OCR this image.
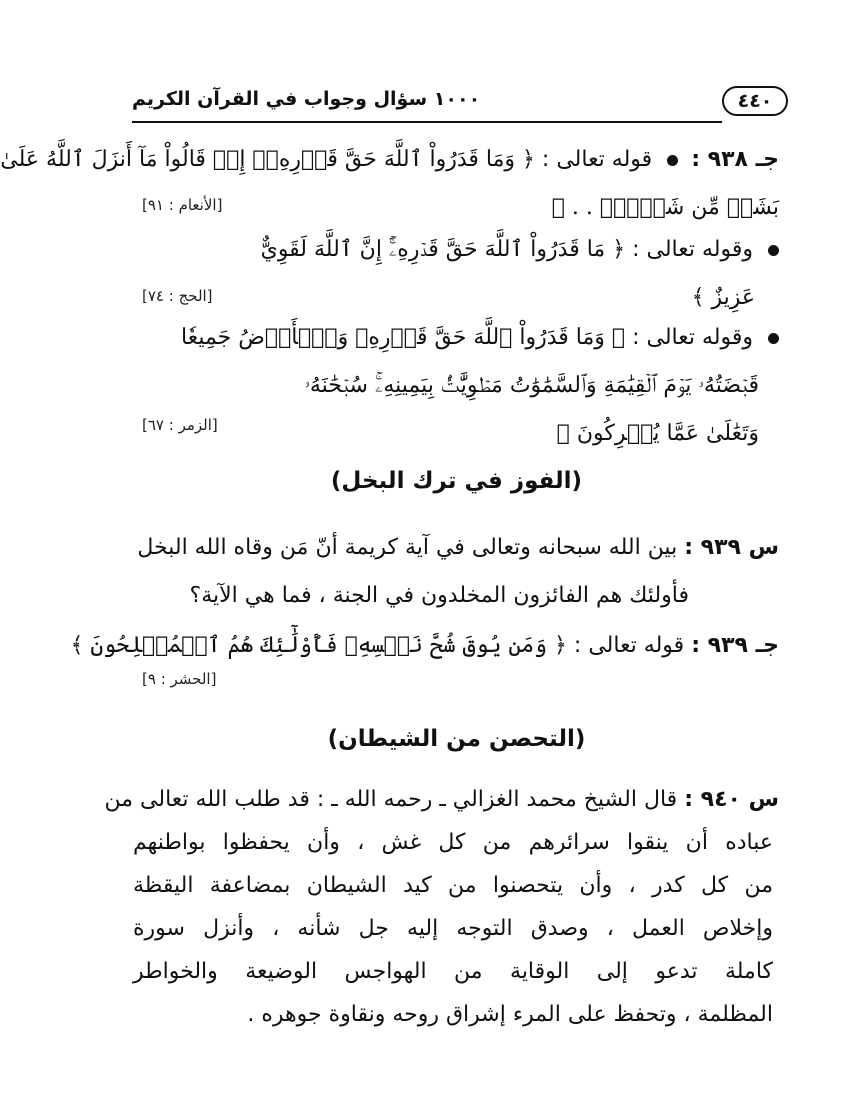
١٠٠٠ سؤال وجواب في القرآن الكريم	٤٤٠
جـ ٩٣٨ :  قوله تعالى : ﴿ وَمَا قَدَرُواْ ٱللَّهَ حَقَّ قَدۡرِهِۦٓ إِذۡ قَالُواْ مَآ أَنزَلَ ٱللَّهُ عَلَىٰ
بَشَرٖ مِّن شَيۡءٖۗ . . ﴾
[الأنعام : ٩١]
وقوله تعالى : ﴿ مَا قَدَرُواْ ٱللَّهَ حَقَّ قَدۡرِهِۦٓۚ إِنَّ ٱللَّهَ لَقَوِيٌّ
عَزِيزٌ ﴾
[الحج : ٧٤]
وقوله تعالى : ﴿ وَمَا قَدَرُواْ ٱللَّهَ حَقَّ قَدۡرِهِۦ وَٱلۡأَرۡضُ جَمِيعٗا
قَبۡضَتُهُۥ يَوۡمَ ٱلۡقِيَٰمَةِ وَٱلسَّمَٰوَٰتُ مَطۡوِيَّٰتُۢ بِيَمِينِهِۦۚ سُبۡحَٰنَهُۥ
وَتَعَٰلَىٰ عَمَّا يُشۡرِكُونَ ﴾
[الزمر : ٦٧]
(الفوز في ترك البخل)
س ٩٣٩ : بين الله سبحانه وتعالى في آية كريمة أنّ مَن وقاه الله البخل
فأولئك هم الفائزون المخلدون في الجنة ، فما هي الآية؟
جـ ٩٣٩ : قوله تعالى : ﴿ وَمَن يُوقَ شُحَّ نَفۡسِهِۦ فَأُوْلَٰٓئِكَ هُمُ ٱلۡمُفۡلِحُونَ ﴾
[الحشر : ٩]
(التحصن من الشيطان)
س ٩٤٠ : قال الشيخ محمد الغزالي ـ رحمه الله ـ : قد طلب الله تعالى من
عباده أن ينقوا سرائرهم من كل غش ، وأن يحفظوا بواطنهم
من كل كدر ، وأن يتحصنوا من كيد الشيطان بمضاعفة اليقظة
وإخلاص العمل ، وصدق التوجه إليه جل شأنه ، وأنزل سورة
كاملة تدعو إلى الوقاية من الهواجس الوضيعة والخواطر
المظلمة ، وتحفظ على المرء إشراق روحه ونقاوة جوهره .
